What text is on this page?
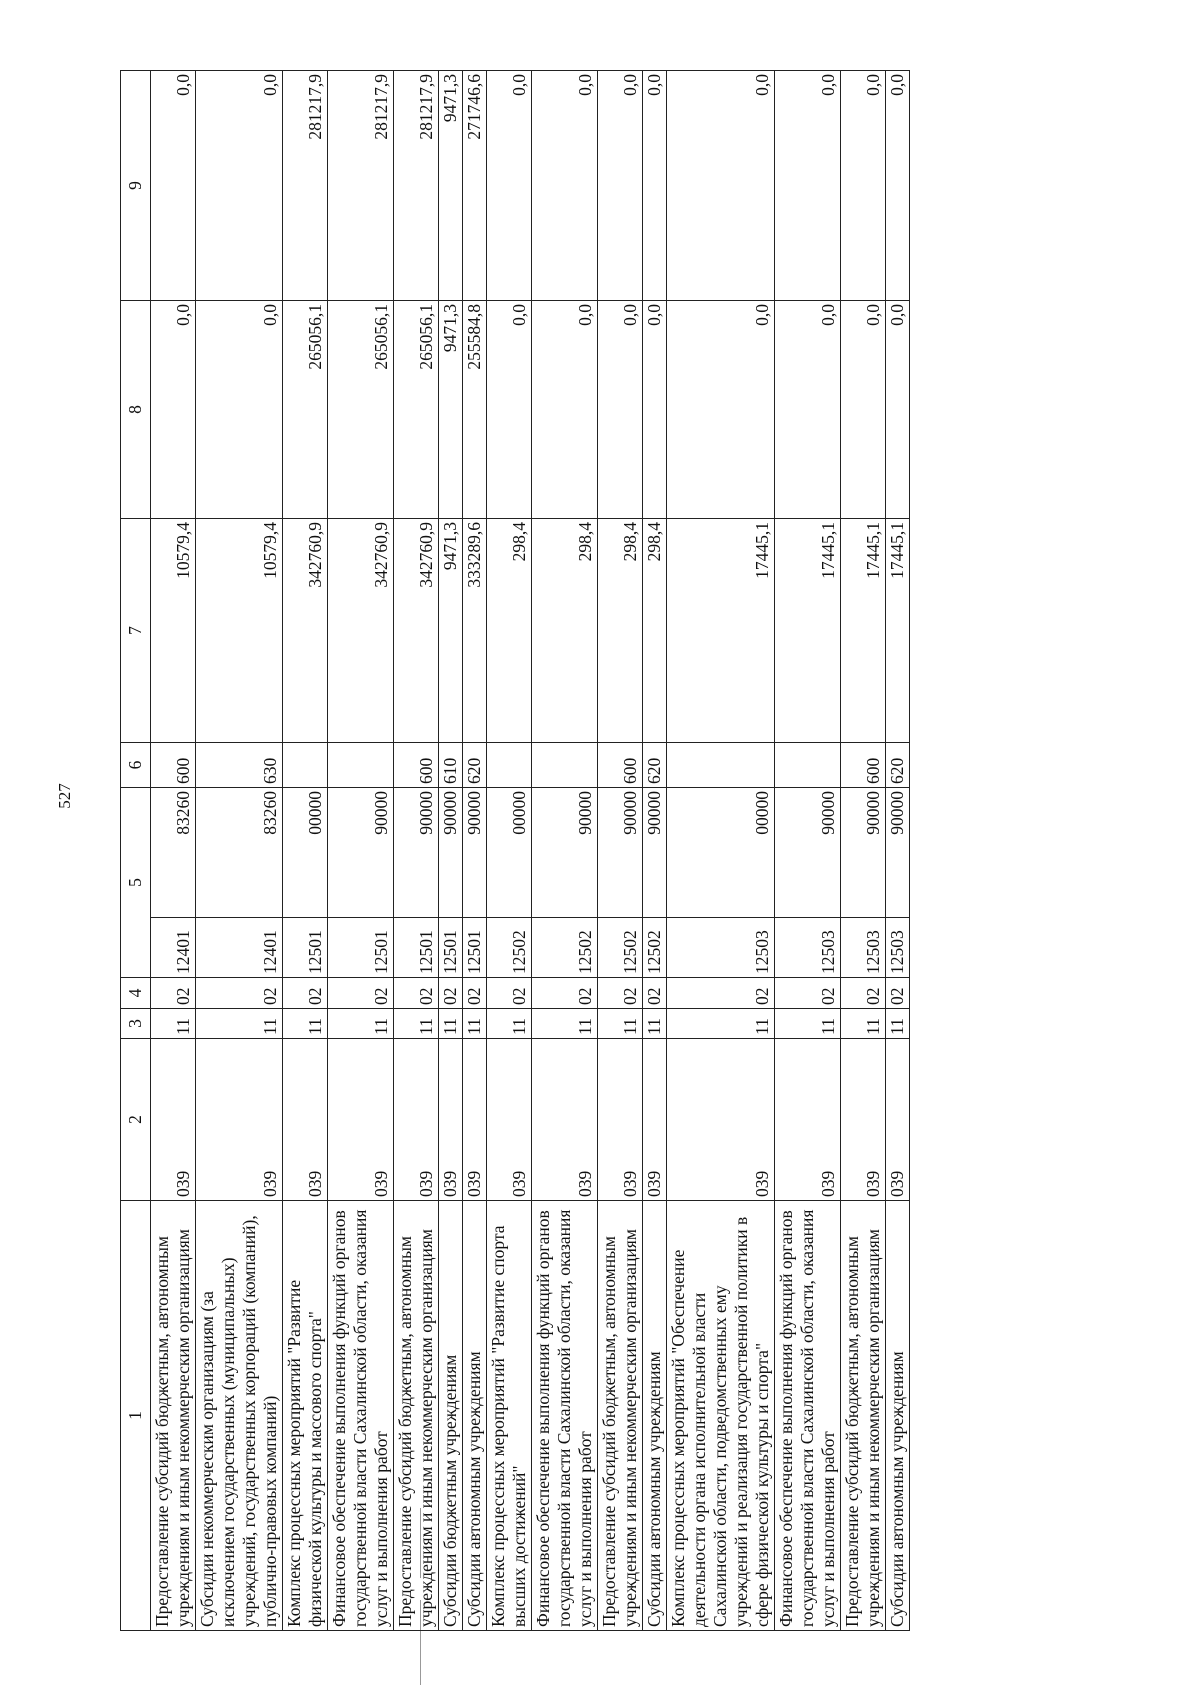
527
1	2	3	4	5		6	7	8	9
Предоставление субсидий бюджетным, автономным учреждениям и иным некоммерческим организациям	039	11	02	12401	83260	600	10579,4	0,0	0,0
Субсидии некоммерческим организациям (за исключением государственных (муниципальных) учреждений, государственных корпораций (компаний), публично-правовых компаний)	039	11	02	12401	83260	630	10579,4	0,0	0,0
Комплекс процессных мероприятий "Развитие физической культуры и массового спорта"	039	11	02	12501	00000		342760,9	265056,1	281217,9
Финансовое обеспечение выполнения функций органов государственной власти Сахалинской области, оказания услуг и выполнения работ	039	11	02	12501	90000		342760,9	265056,1	281217,9
Предоставление субсидий бюджетным, автономным учреждениям и иным некоммерческим организациям	039	11	02	12501	90000	600	342760,9	265056,1	281217,9
Субсидии бюджетным учреждениям	039	11	02	12501	90000	610	9471,3	9471,3	9471,3
Субсидии автономным учреждениям	039	11	02	12501	90000	620	333289,6	255584,8	271746,6
Комплекс процессных мероприятий "Развитие спорта высших достижений"	039	11	02	12502	00000		298,4	0,0	0,0
Финансовое обеспечение выполнения функций органов государственной власти Сахалинской области, оказания услуг и выполнения работ	039	11	02	12502	90000		298,4	0,0	0,0
Предоставление субсидий бюджетным, автономным учреждениям и иным некоммерческим организациям	039	11	02	12502	90000	600	298,4	0,0	0,0
Субсидии автономным учреждениям	039	11	02	12502	90000	620	298,4	0,0	0,0
Комплекс процессных мероприятий "Обеспечение деятельности органа исполнительной власти Сахалинской области, подведомственных ему учреждений и реализация государственной политики в сфере физической культуры и спорта"	039	11	02	12503	00000		17445,1	0,0	0,0
Финансовое обеспечение выполнения функций органов государственной власти Сахалинской области, оказания услуг и выполнения работ	039	11	02	12503	90000		17445,1	0,0	0,0
Предоставление субсидий бюджетным, автономным учреждениям и иным некоммерческим организациям	039	11	02	12503	90000	600	17445,1	0,0	0,0
Субсидии автономным учреждениям	039	11	02	12503	90000	620	17445,1	0,0	0,0
